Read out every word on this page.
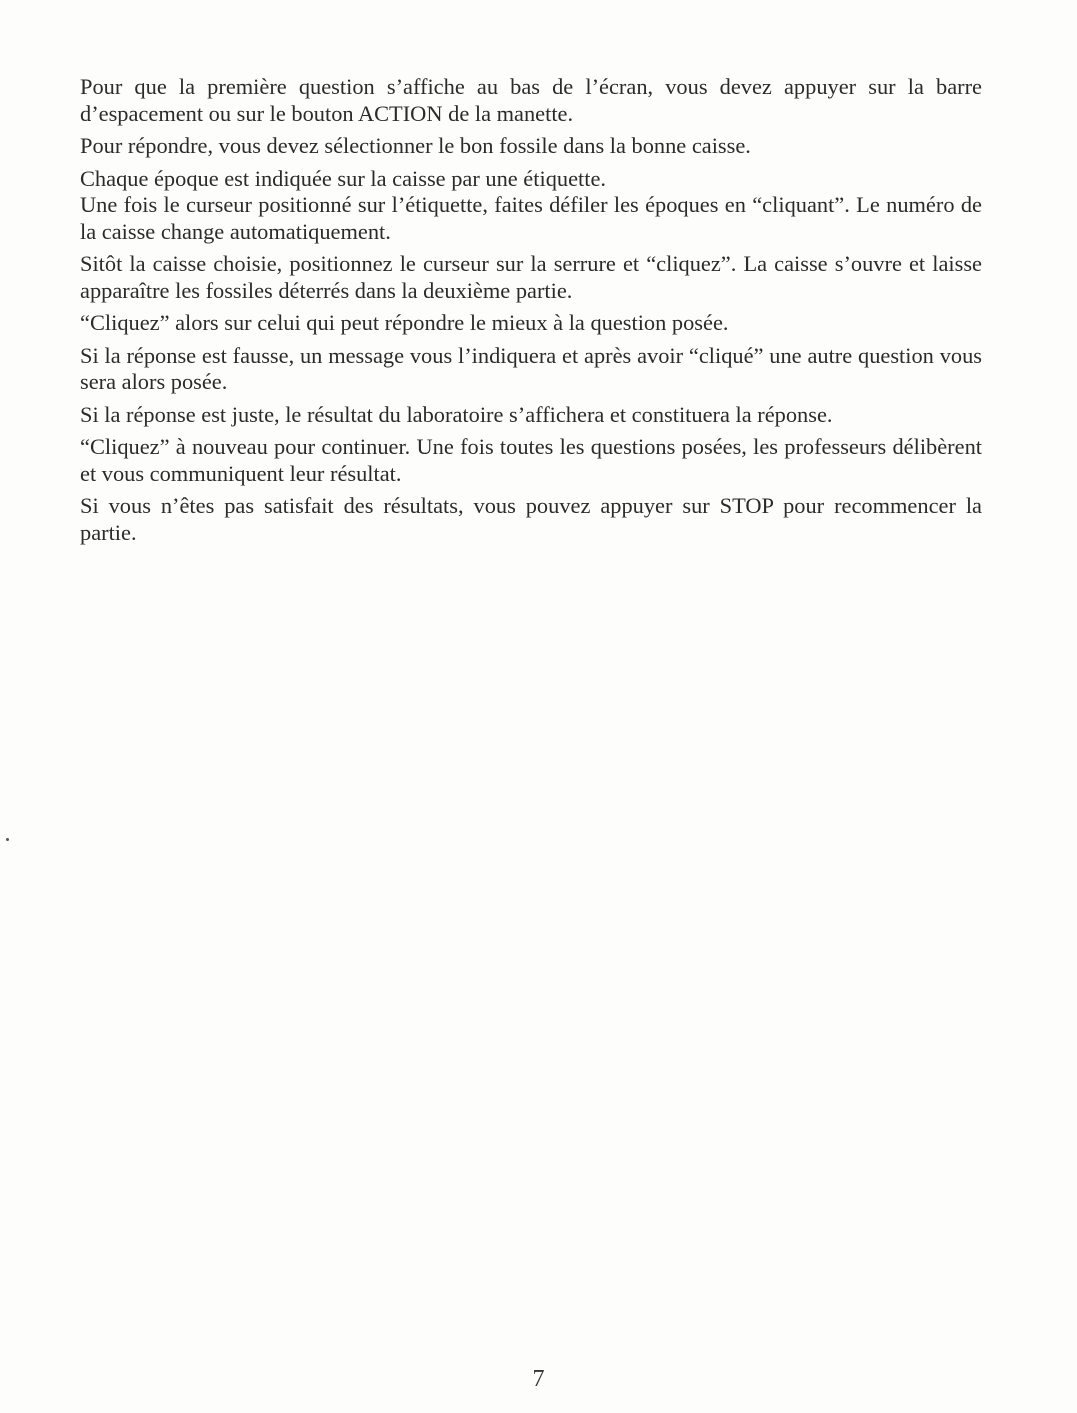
Pour que la première question s’affiche au bas de l’écran, vous devez appuyer sur la barre d’espacement ou sur le bouton ACTION de la manette.

Pour répondre, vous devez sélectionner le bon fossile dans la bonne caisse.

Chaque époque est indiquée sur la caisse par une étiquette.

Une fois le curseur positionné sur l’étiquette, faites défiler les époques en “cliquant”. Le numéro de la caisse change automatiquement.

Sitôt la caisse choisie, positionnez le curseur sur la serrure et “cliquez”. La caisse s’ouvre et laisse apparaître les fossiles déterrés dans la deuxième partie.

“Cliquez” alors sur celui qui peut répondre le mieux à la question posée.

Si la réponse est fausse, un message vous l’indiquera et après avoir “cliqué” une autre question vous sera alors posée.

Si la réponse est juste, le résultat du laboratoire s’affichera et constituera la réponse.

“Cliquez” à nouveau pour continuer. Une fois toutes les questions posées, les professeurs délibèrent et vous communiquent leur résultat.

Si vous n’êtes pas satisfait des résultats, vous pouvez appuyer sur STOP pour recommencer la partie.

7
